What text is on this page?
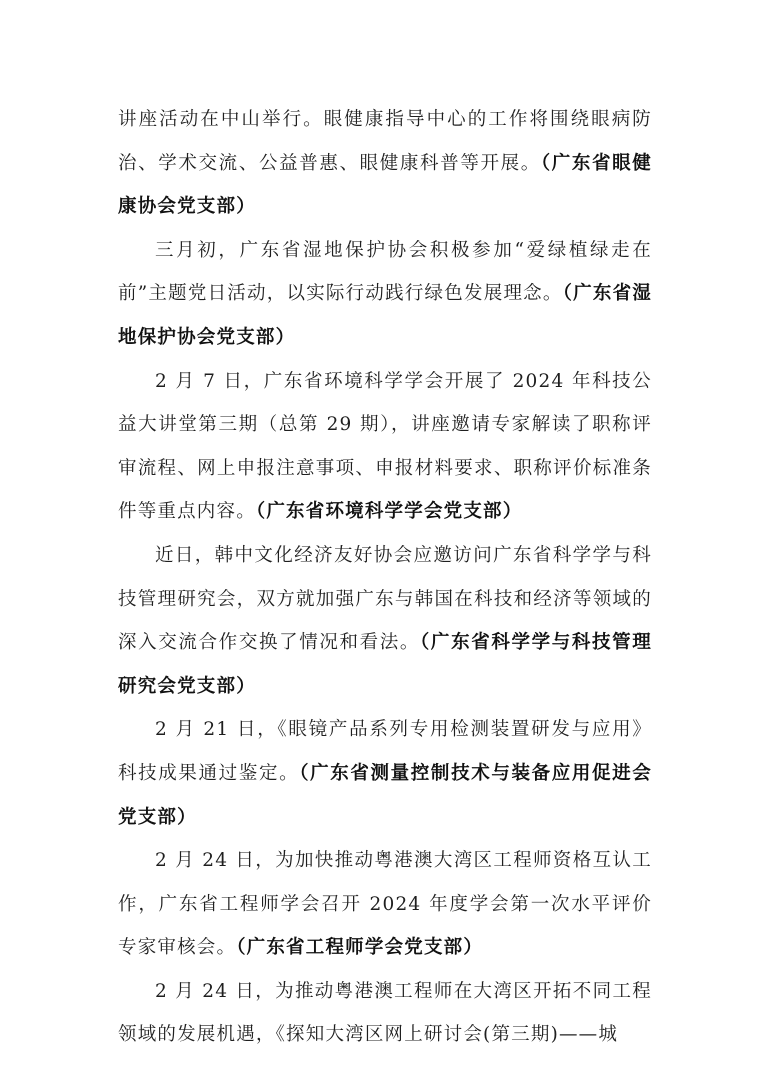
讲座活动在中山举行。眼健康指导中心的工作将围绕眼病防治、学术交流、公益普惠、眼健康科普等开展。（广东省眼健康协会党支部）

三月初，广东省湿地保护协会积极参加“爱绿植绿走在前”主题党日活动，以实际行动践行绿色发展理念。（广东省湿地保护协会党支部）

2 月 7 日，广东省环境科学学会开展了 2024 年科技公益大讲堂第三期（总第 29 期），讲座邀请专家解读了职称评审流程、网上申报注意事项、申报材料要求、职称评价标准条件等重点内容。（广东省环境科学学会党支部）

近日，韩中文化经济友好协会应邀访问广东省科学学与科技管理研究会，双方就加强广东与韩国在科技和经济等领域的深入交流合作交换了情况和看法。（广东省科学学与科技管理研究会党支部）

2 月 21 日，《眼镜产品系列专用检测装置研发与应用》科技成果通过鉴定。（广东省测量控制技术与装备应用促进会党支部）

2 月 24 日，为加快推动粤港澳大湾区工程师资格互认工作，广东省工程师学会召开 2024 年度学会第一次水平评价专家审核会。（广东省工程师学会党支部）

2 月 24 日，为推动粤港澳工程师在大湾区开拓不同工程领域的发展机遇，《探知大湾区网上研讨会(第三期)——城
